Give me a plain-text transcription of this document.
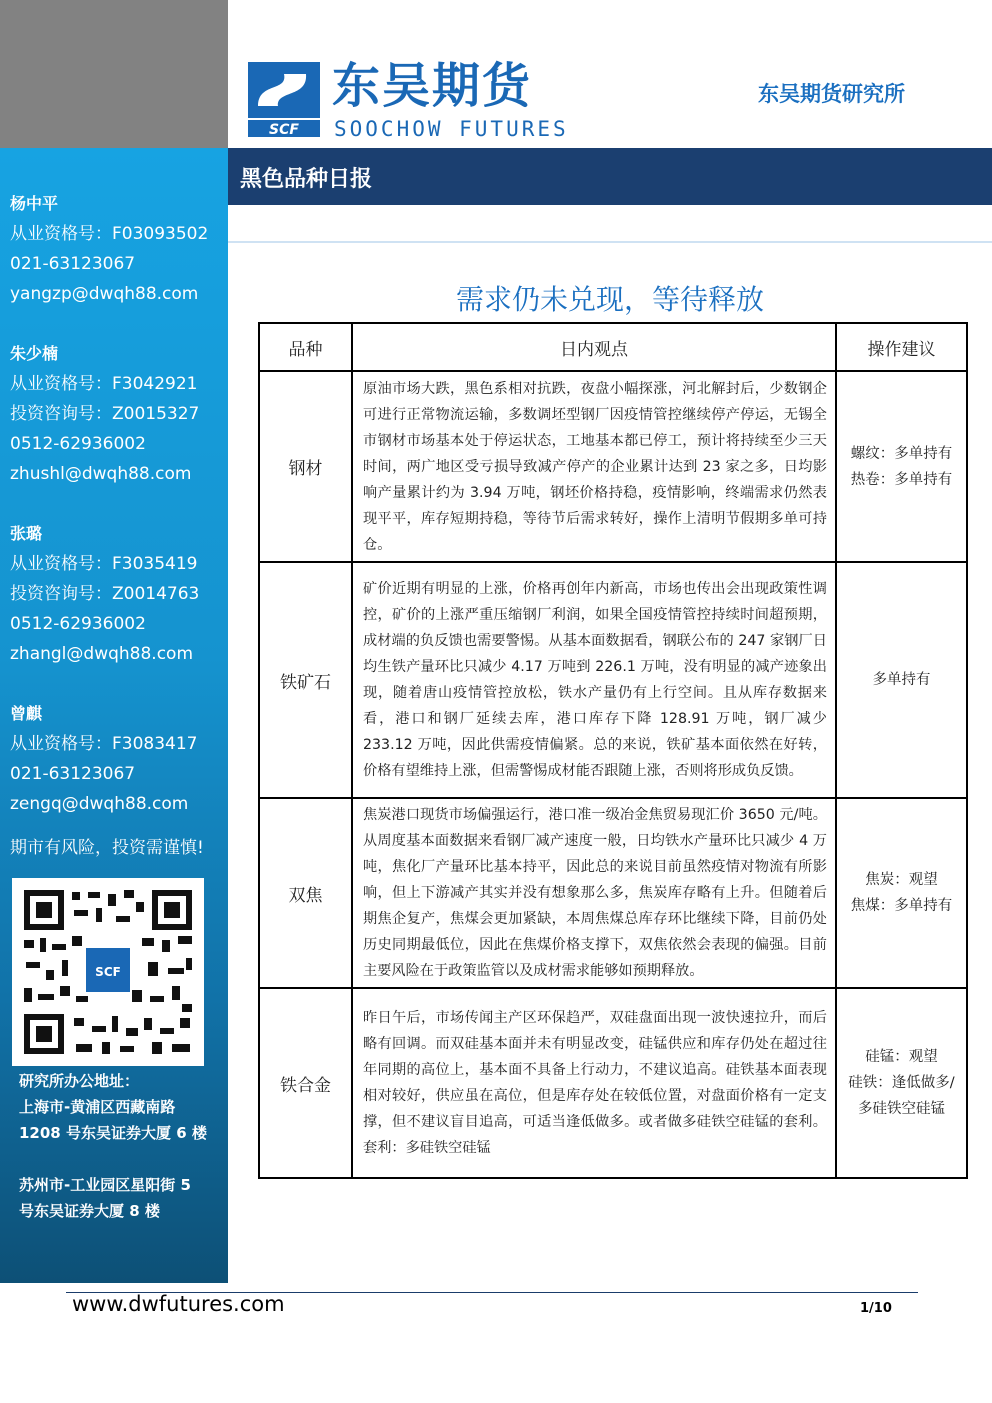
杨中平
从业资格号：F03093502
021-63123067
yangzp@dwqh88.com
朱少楠
从业资格号：F3042921
投资咨询号：Z0015327
0512-62936002
zhushl@dwqh88.com
张璐
从业资格号：F3035419
投资咨询号：Z0014763
0512-62936002
zhangl@dwqh88.com
曾麒
从业资格号：F3083417
021-63123067
zengq@dwqh88.com
期市有风险，投资需谨慎!
SCF
研究所办公地址：
上海市-黄浦区西藏南路
1208 号东吴证券大厦 6 楼
苏州市-工业园区星阳街 5
号东吴证券大厦 8 楼
SCF
东吴期货
SOOCHOW FUTURES
东吴期货研究所
黑色品种日报
需求仍未兑现，等待释放
品种	日内观点	操作建议
钢材	原油市场大跌，黑色系相对抗跌，夜盘小幅探涨，河北解封后，少数钢企可进行正常物流运输，多数调坯型钢厂因疫情管控继续停产停运，无锡全市钢材市场基本处于停运状态，工地基本都已停工，预计将持续至少三天时间，两广地区受亏损导致减产停产的企业累计达到 23 家之多，日均影响产量累计约为 3.94 万吨，钢坯价格持稳，疫情影响，终端需求仍然表现平平，库存短期持稳，等待节后需求转好，操作上清明节假期多单可持仓。	螺纹：多单持有
热卷：多单持有

铁矿石	矿价近期有明显的上涨，价格再创年内新高，市场也传出会出现政策性调控，矿价的上涨严重压缩钢厂利润，如果全国疫情管控持续时间超预期，成材端的负反馈也需要警惕。从基本面数据看，钢联公布的 247 家钢厂日均生铁产量环比只减少 4.17 万吨到 226.1 万吨，没有明显的减产迹象出现，随着唐山疫情管控放松，铁水产量仍有上行空间。且从库存数据来看，港口和钢厂延续去库，港口库存下降 128.91 万吨，钢厂减少 233.12 万吨，因此供需疫情偏紧。总的来说，铁矿基本面依然在好转，价格有望维持上涨，但需警惕成材能否跟随上涨，否则将形成负反馈。	多单持有

双焦	焦炭港口现货市场偏强运行，港口准一级冶金焦贸易现汇价 3650 元/吨。从周度基本面数据来看钢厂减产速度一般，日均铁水产量环比只减少 4 万吨，焦化厂产量环比基本持平，因此总的来说目前虽然疫情对物流有所影响，但上下游减产其实并没有想象那么多，焦炭库存略有上升。但随着后期焦企复产，焦煤会更加紧缺，本周焦煤总库存环比继续下降，目前仍处历史同期最低位，因此在焦煤价格支撑下，双焦依然会表现的偏强。目前主要风险在于政策监管以及成材需求能够如预期释放。	焦炭：观望
焦煤：多单持有

铁合金	昨日午后，市场传闻主产区环保趋严，双硅盘面出现一波快速拉升，而后略有回调。而双硅基本面并未有明显改变，硅锰供应和库存仍处在超过往年同期的高位上，基本面不具备上行动力，不建议追高。硅铁基本面表现相对较好，供应虽在高位，但是库存处在较低位置，对盘面价格有一定支撑，但不建议盲目追高，可适当逢低做多。或者做多硅铁空硅锰的套利。套利：多硅铁空硅锰	硅锰：观望
硅铁：逢低做多/
多硅铁空硅锰
www.dwfutures.com	1/10
